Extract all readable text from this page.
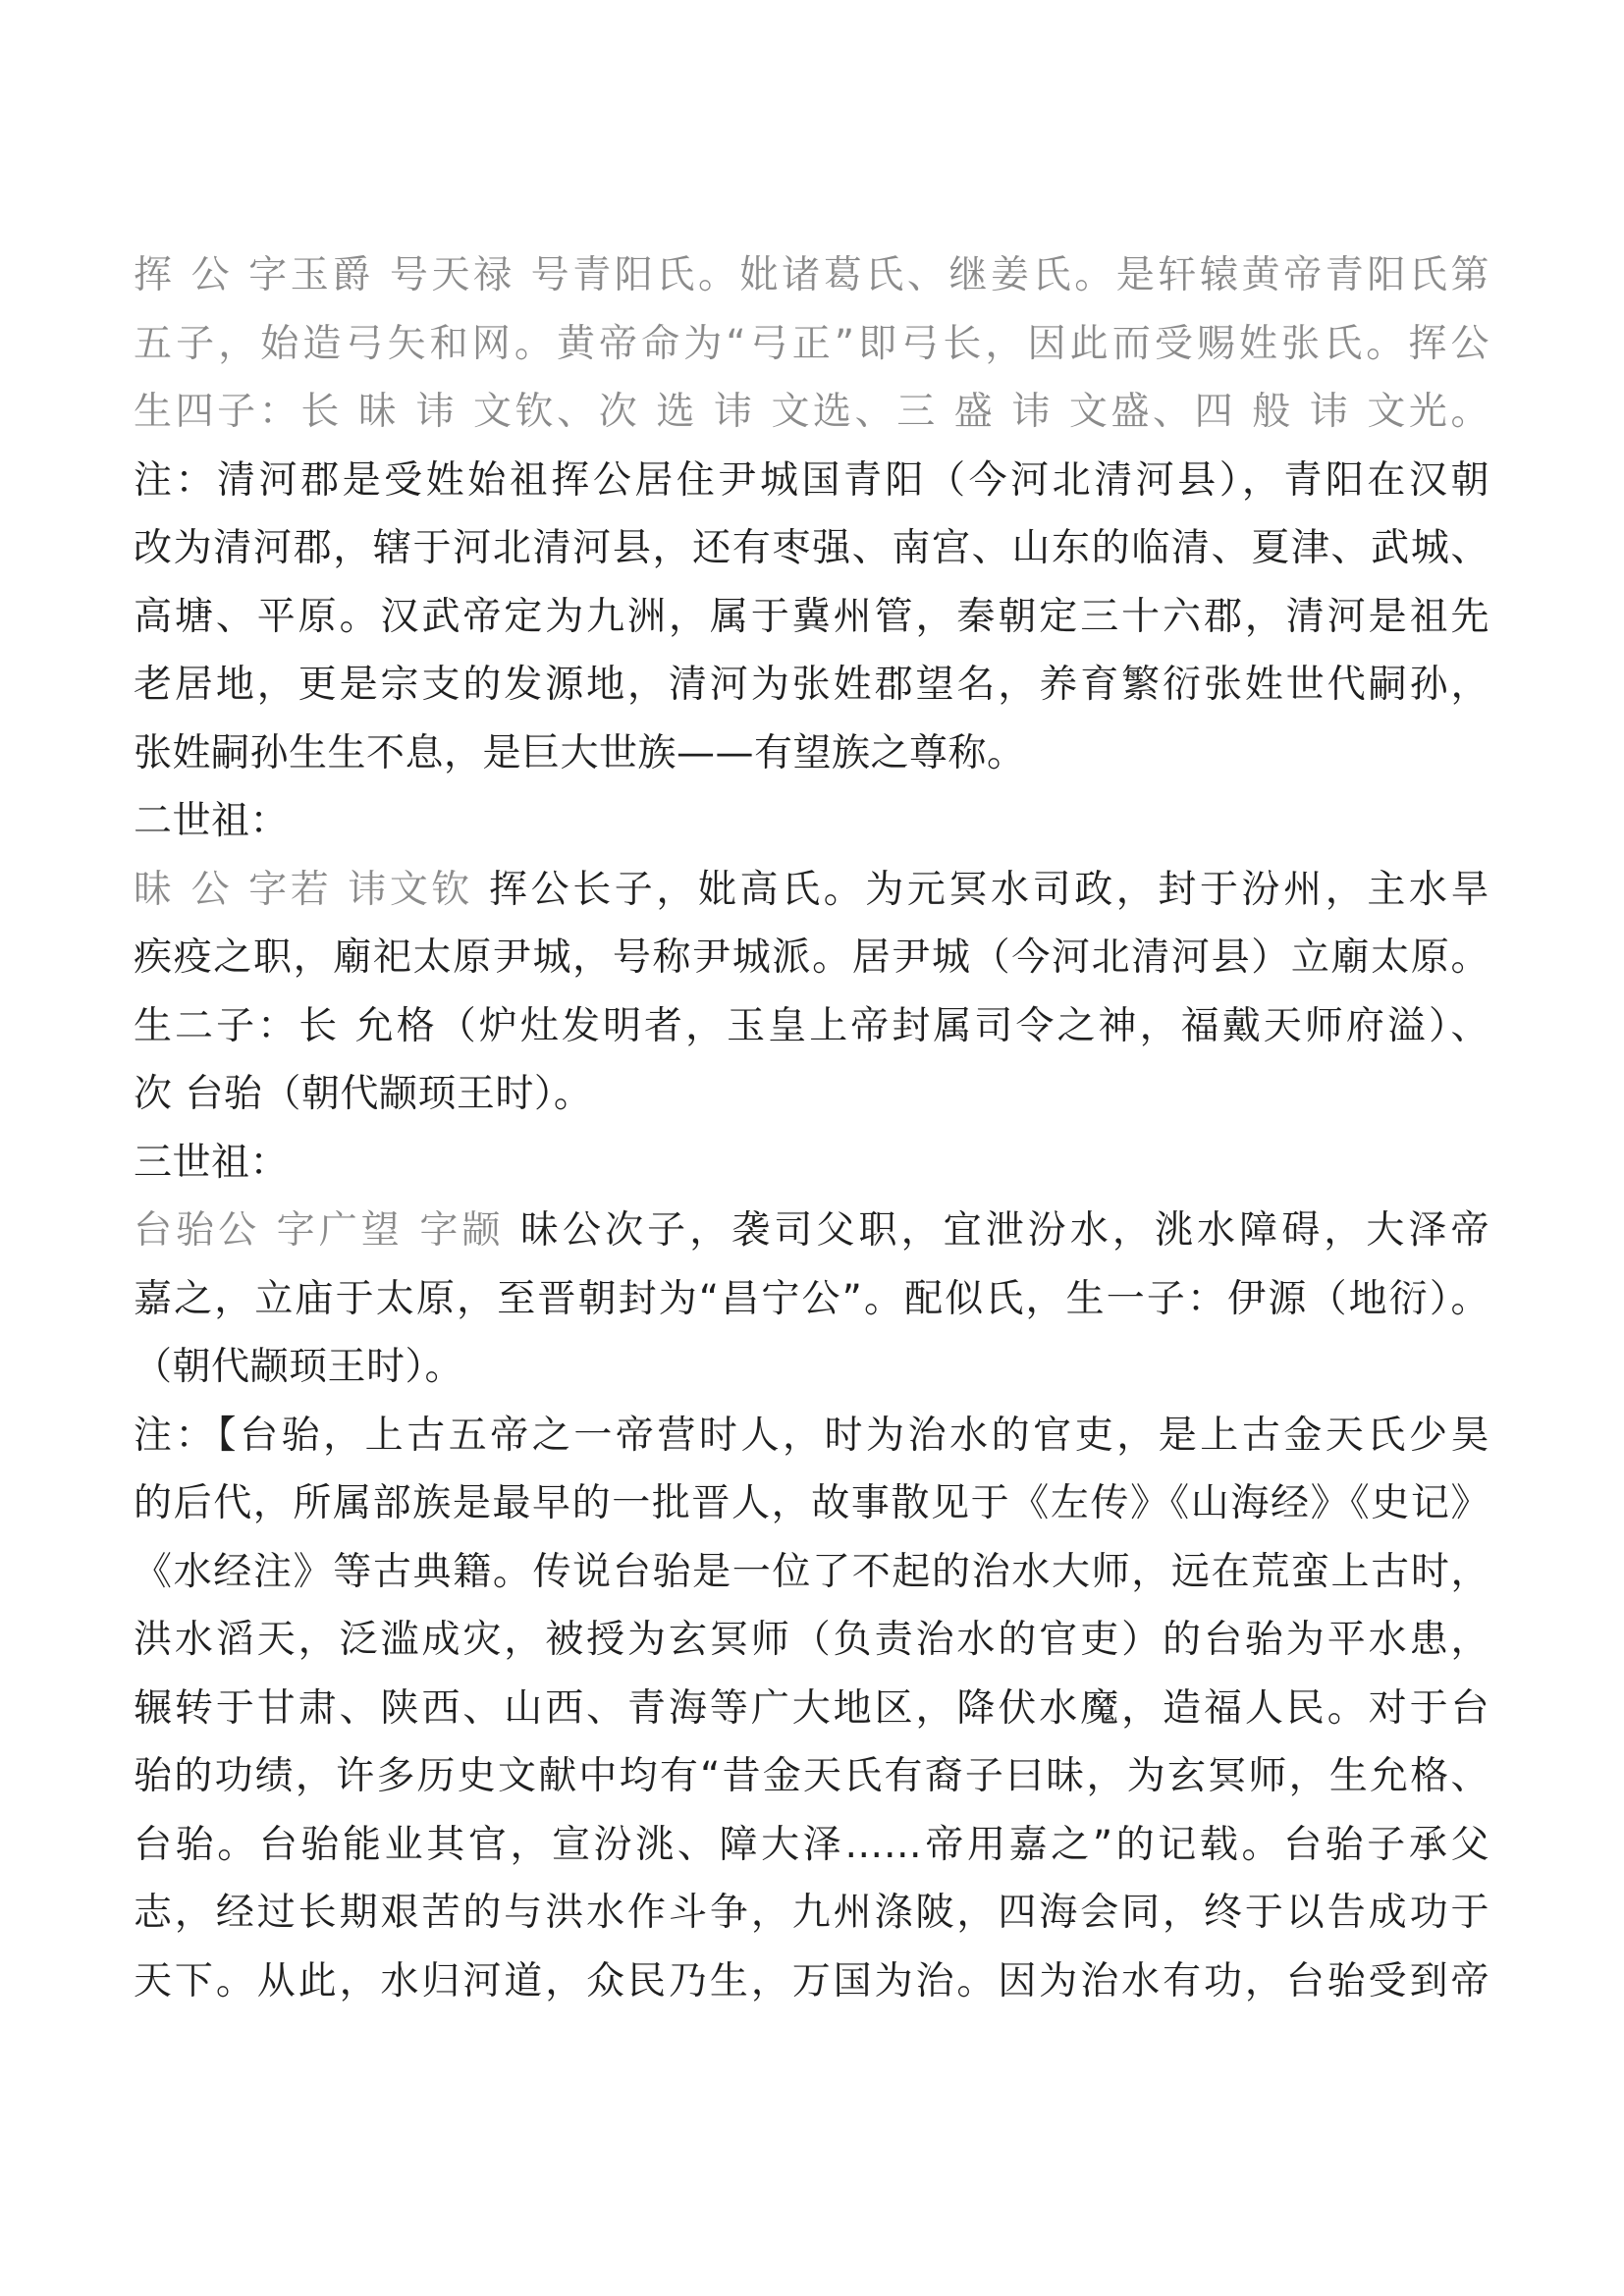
挥 公 字玉爵 号天禄 号青阳氏。妣诸葛氏、继姜氏。是轩辕黄帝青阳氏第
五子，始造弓矢和网。黄帝命为“弓正”即弓长，因此而受赐姓张氏。挥公
生四子：长 昧 讳 文钦、次 选 讳 文选、三 盛 讳 文盛、四 般 讳 文光。
注：清河郡是受姓始祖挥公居住尹城国青阳（今河北清河县），青阳在汉朝
改为清河郡，辖于河北清河县，还有枣强、南宫、山东的临清、夏津、武城、
高塘、平原。汉武帝定为九洲，属于冀州管，秦朝定三十六郡，清河是祖先
老居地，更是宗支的发源地，清河为张姓郡望名，养育繁衍张姓世代嗣孙，
张姓嗣孙生生不息，是巨大世族——有望族之尊称。
二世祖：
昧 公 字若 讳文钦 挥公长子，妣高氏。为元冥水司政，封于汾州，主水旱
疾疫之职，廟祀太原尹城，号称尹城派。居尹城（今河北清河县）立廟太原。
生二子：长 允格（炉灶发明者，玉皇上帝封属司令之神，福戴天师府溢）、
次 台骀（朝代颛顼王时）。
三世祖：
台骀公 字广望 字颛 昧公次子，袭司父职，宜泄汾水，洮水障碍，大泽帝
嘉之，立庙于太原，至晋朝封为“昌宁公”。配似氏，生一子：伊源（地衍）。
（朝代颛顼王时）。
注：【台骀，上古五帝之一帝营时人，时为治水的官吏，是上古金天氏少昊
的后代，所属部族是最早的一批晋人，故事散见于《左传》《山海经》《史记》
《水经注》等古典籍。传说台骀是一位了不起的治水大师，远在荒蛮上古时，
洪水滔天，泛滥成灾，被授为玄冥师（负责治水的官吏）的台骀为平水患，
辗转于甘肃、陕西、山西、青海等广大地区，降伏水魔，造福人民。对于台
骀的功绩，许多历史文献中均有“昔金天氏有裔子曰昧，为玄冥师，生允格、
台骀。台骀能业其官，宣汾洮、障大泽……帝用嘉之”的记载。台骀子承父
志，经过长期艰苦的与洪水作斗争，九州涤陂，四海会同，终于以告成功于
天下。从此，水归河道，众民乃生，万国为治。因为治水有功，台骀受到帝
